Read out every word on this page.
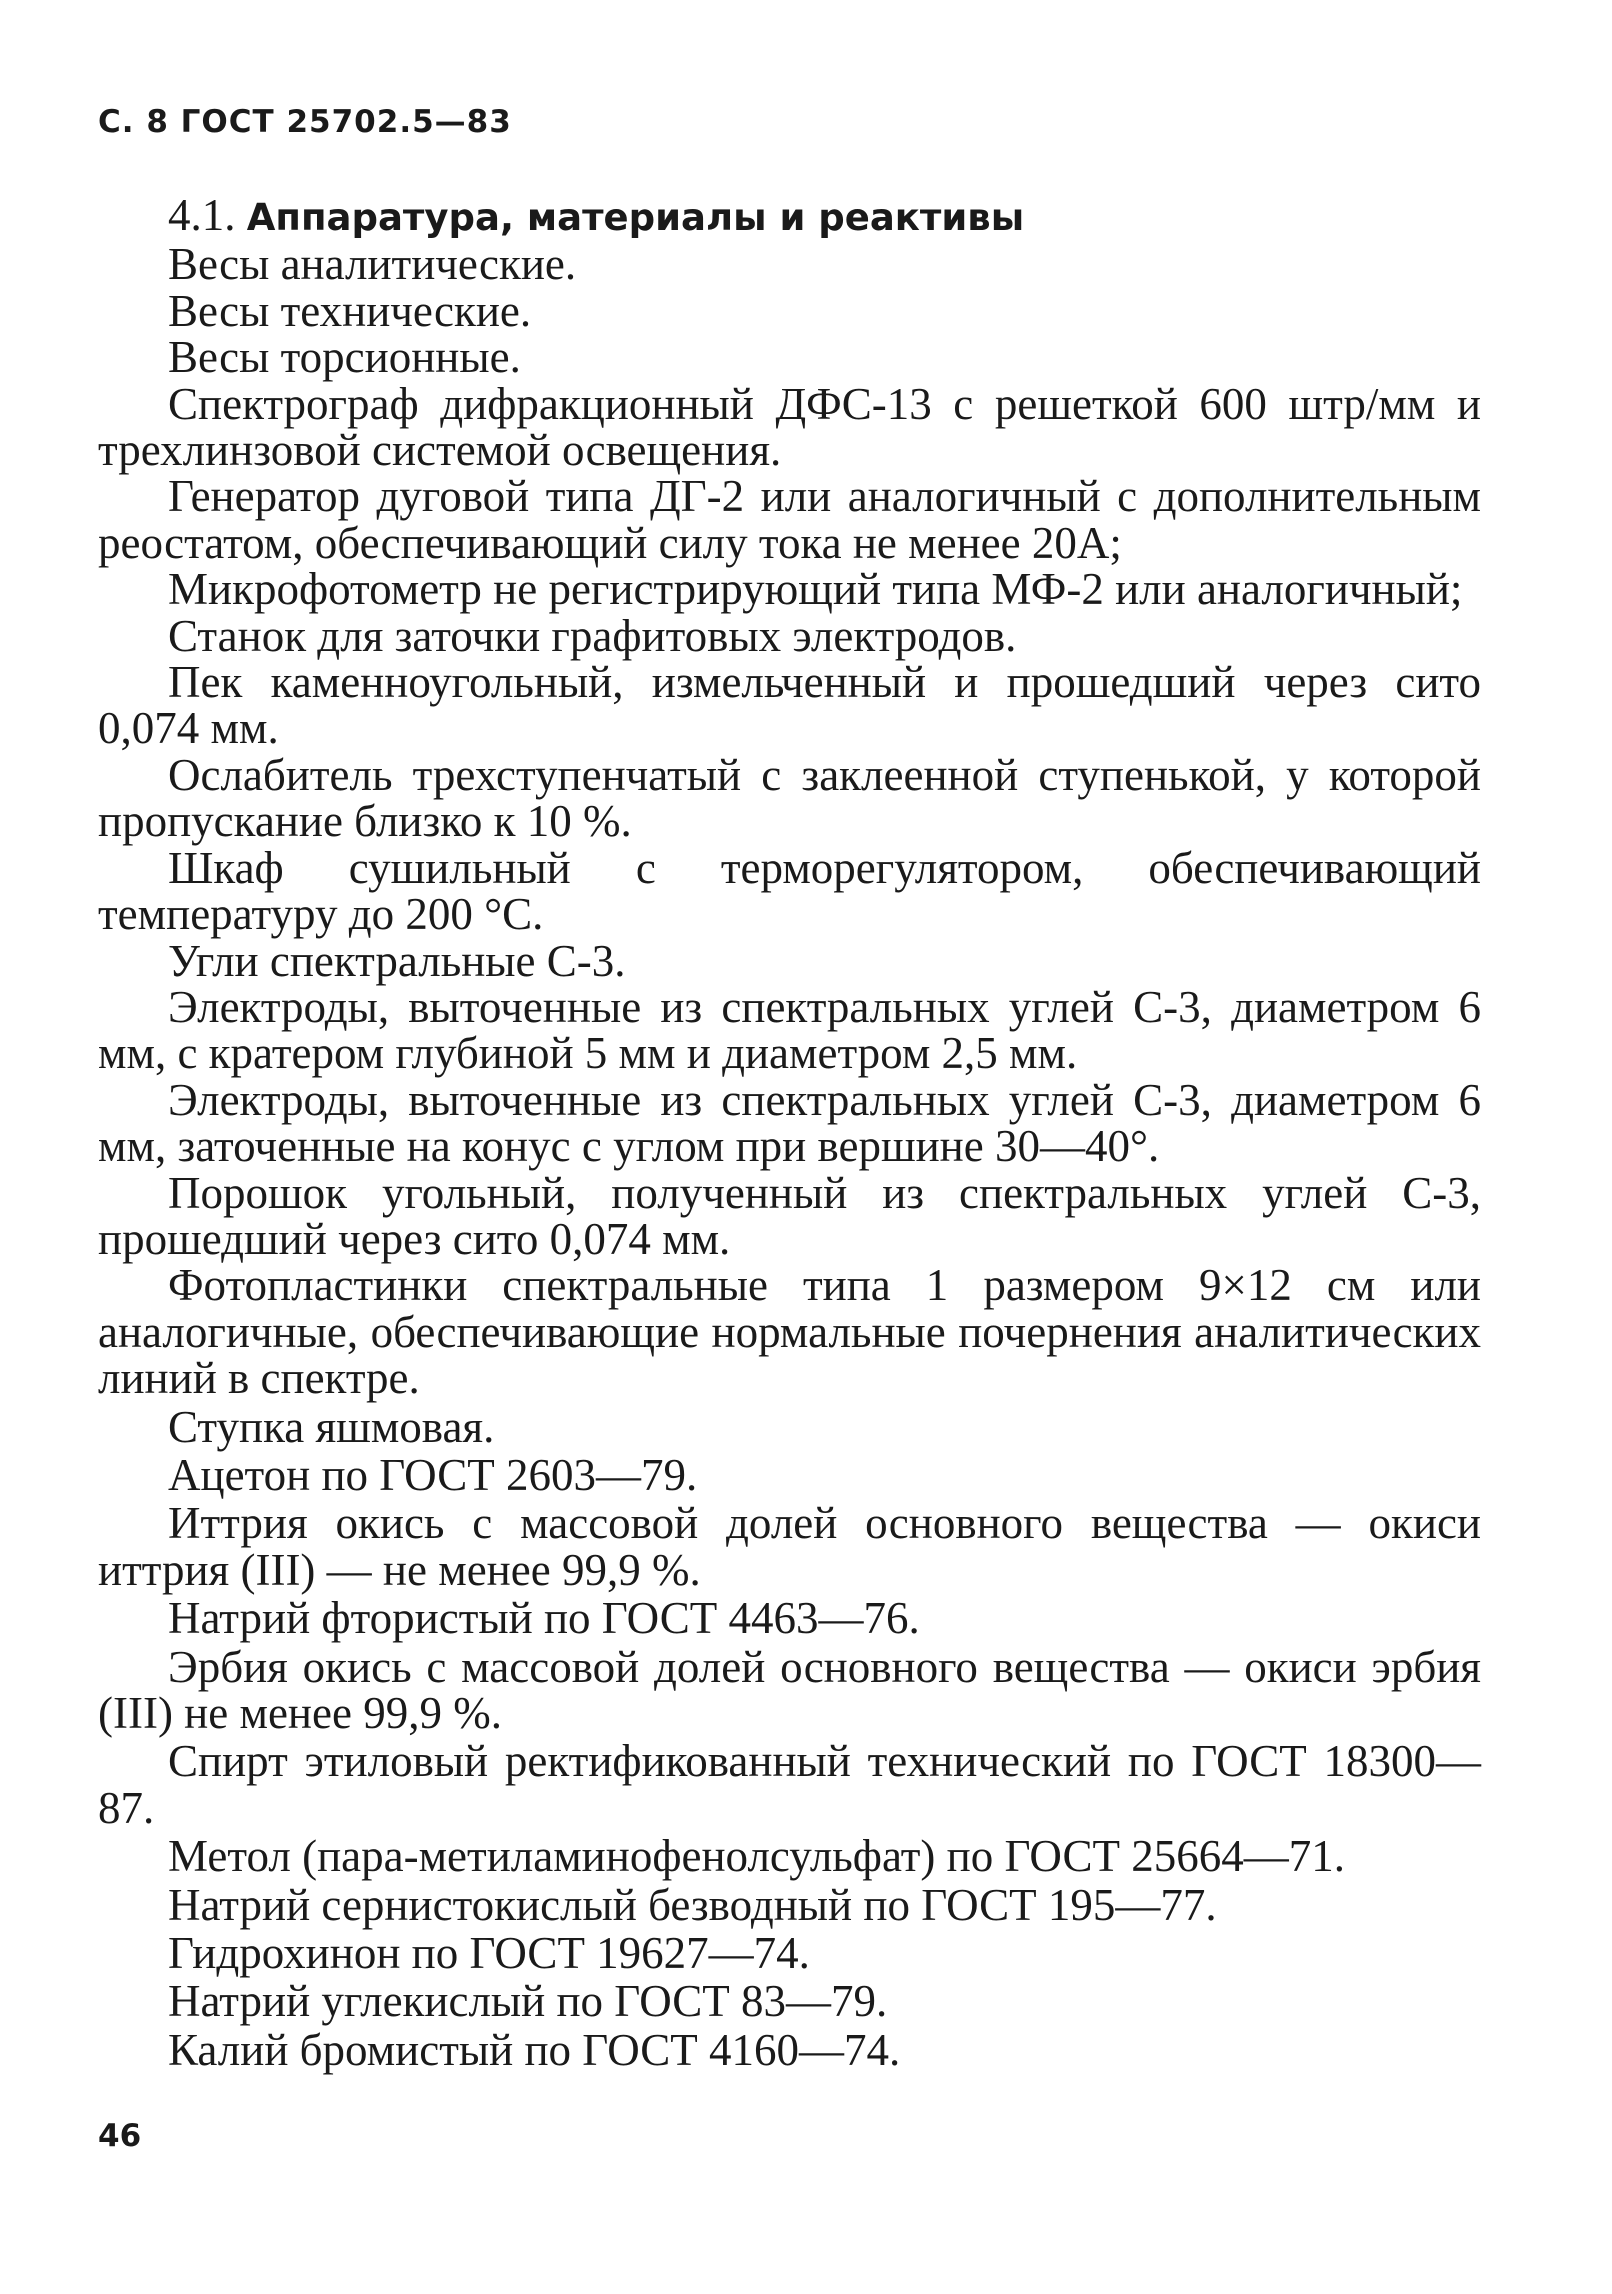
С. 8 ГОСТ 25702.5—83

4.1. Аппаратура, материалы и реактивы

Весы аналитические.

Весы технические.

Весы торсионные.

Спектрограф дифракционный ДФС-13 с решеткой 600 штр/мм и трехлинзовой системой освещения.

Генератор дуговой типа ДГ-2 или аналогичный с дополнительным реостатом, обеспечивающий силу тока не менее 20А;

Микрофотометр не регистрирующий типа МФ-2 или аналогичный;

Станок для заточки графитовых электродов.

Пек каменноугольный, измельченный и прошедший через сито 0,074 мм.

Ослабитель трехступенчатый с заклеенной ступенькой, у которой пропускание близко к 10 %.

Шкаф сушильный с терморегулятором, обеспечивающий температуру до 200 °С.

Угли спектральные С-3.

Электроды, выточенные из спектральных углей С-3, диаметром 6 мм, с кратером глубиной 5 мм и диаметром 2,5 мм.

Электроды, выточенные из спектральных углей С-3, диаметром 6 мм, заточенные на конус с углом при вершине 30—40°.

Порошок угольный, полученный из спектральных углей С-3, прошедший через сито 0,074 мм.

Фотопластинки спектральные типа 1 размером 9×12 см или аналогичные, обеспечивающие нормальные почернения аналитических линий в спектре.

Ступка яшмовая.

Ацетон по ГОСТ 2603—79.

Иттрия окись с массовой долей основного вещества — окиси иттрия (III) — не менее 99,9 %.

Натрий фтористый по ГОСТ 4463—76.

Эрбия окись с массовой долей основного вещества — окиси эрбия (III) не менее 99,9 %.

Спирт этиловый ректификованный технический по ГОСТ 18300—87.

Метол (пара-метиламинофенолсульфат) по ГОСТ 25664—71.

Натрий сернистокислый безводный по ГОСТ 195—77.

Гидрохинон по ГОСТ 19627—74.

Натрий углекислый по ГОСТ 83—79.

Калий бромистый по ГОСТ 4160—74.

46
